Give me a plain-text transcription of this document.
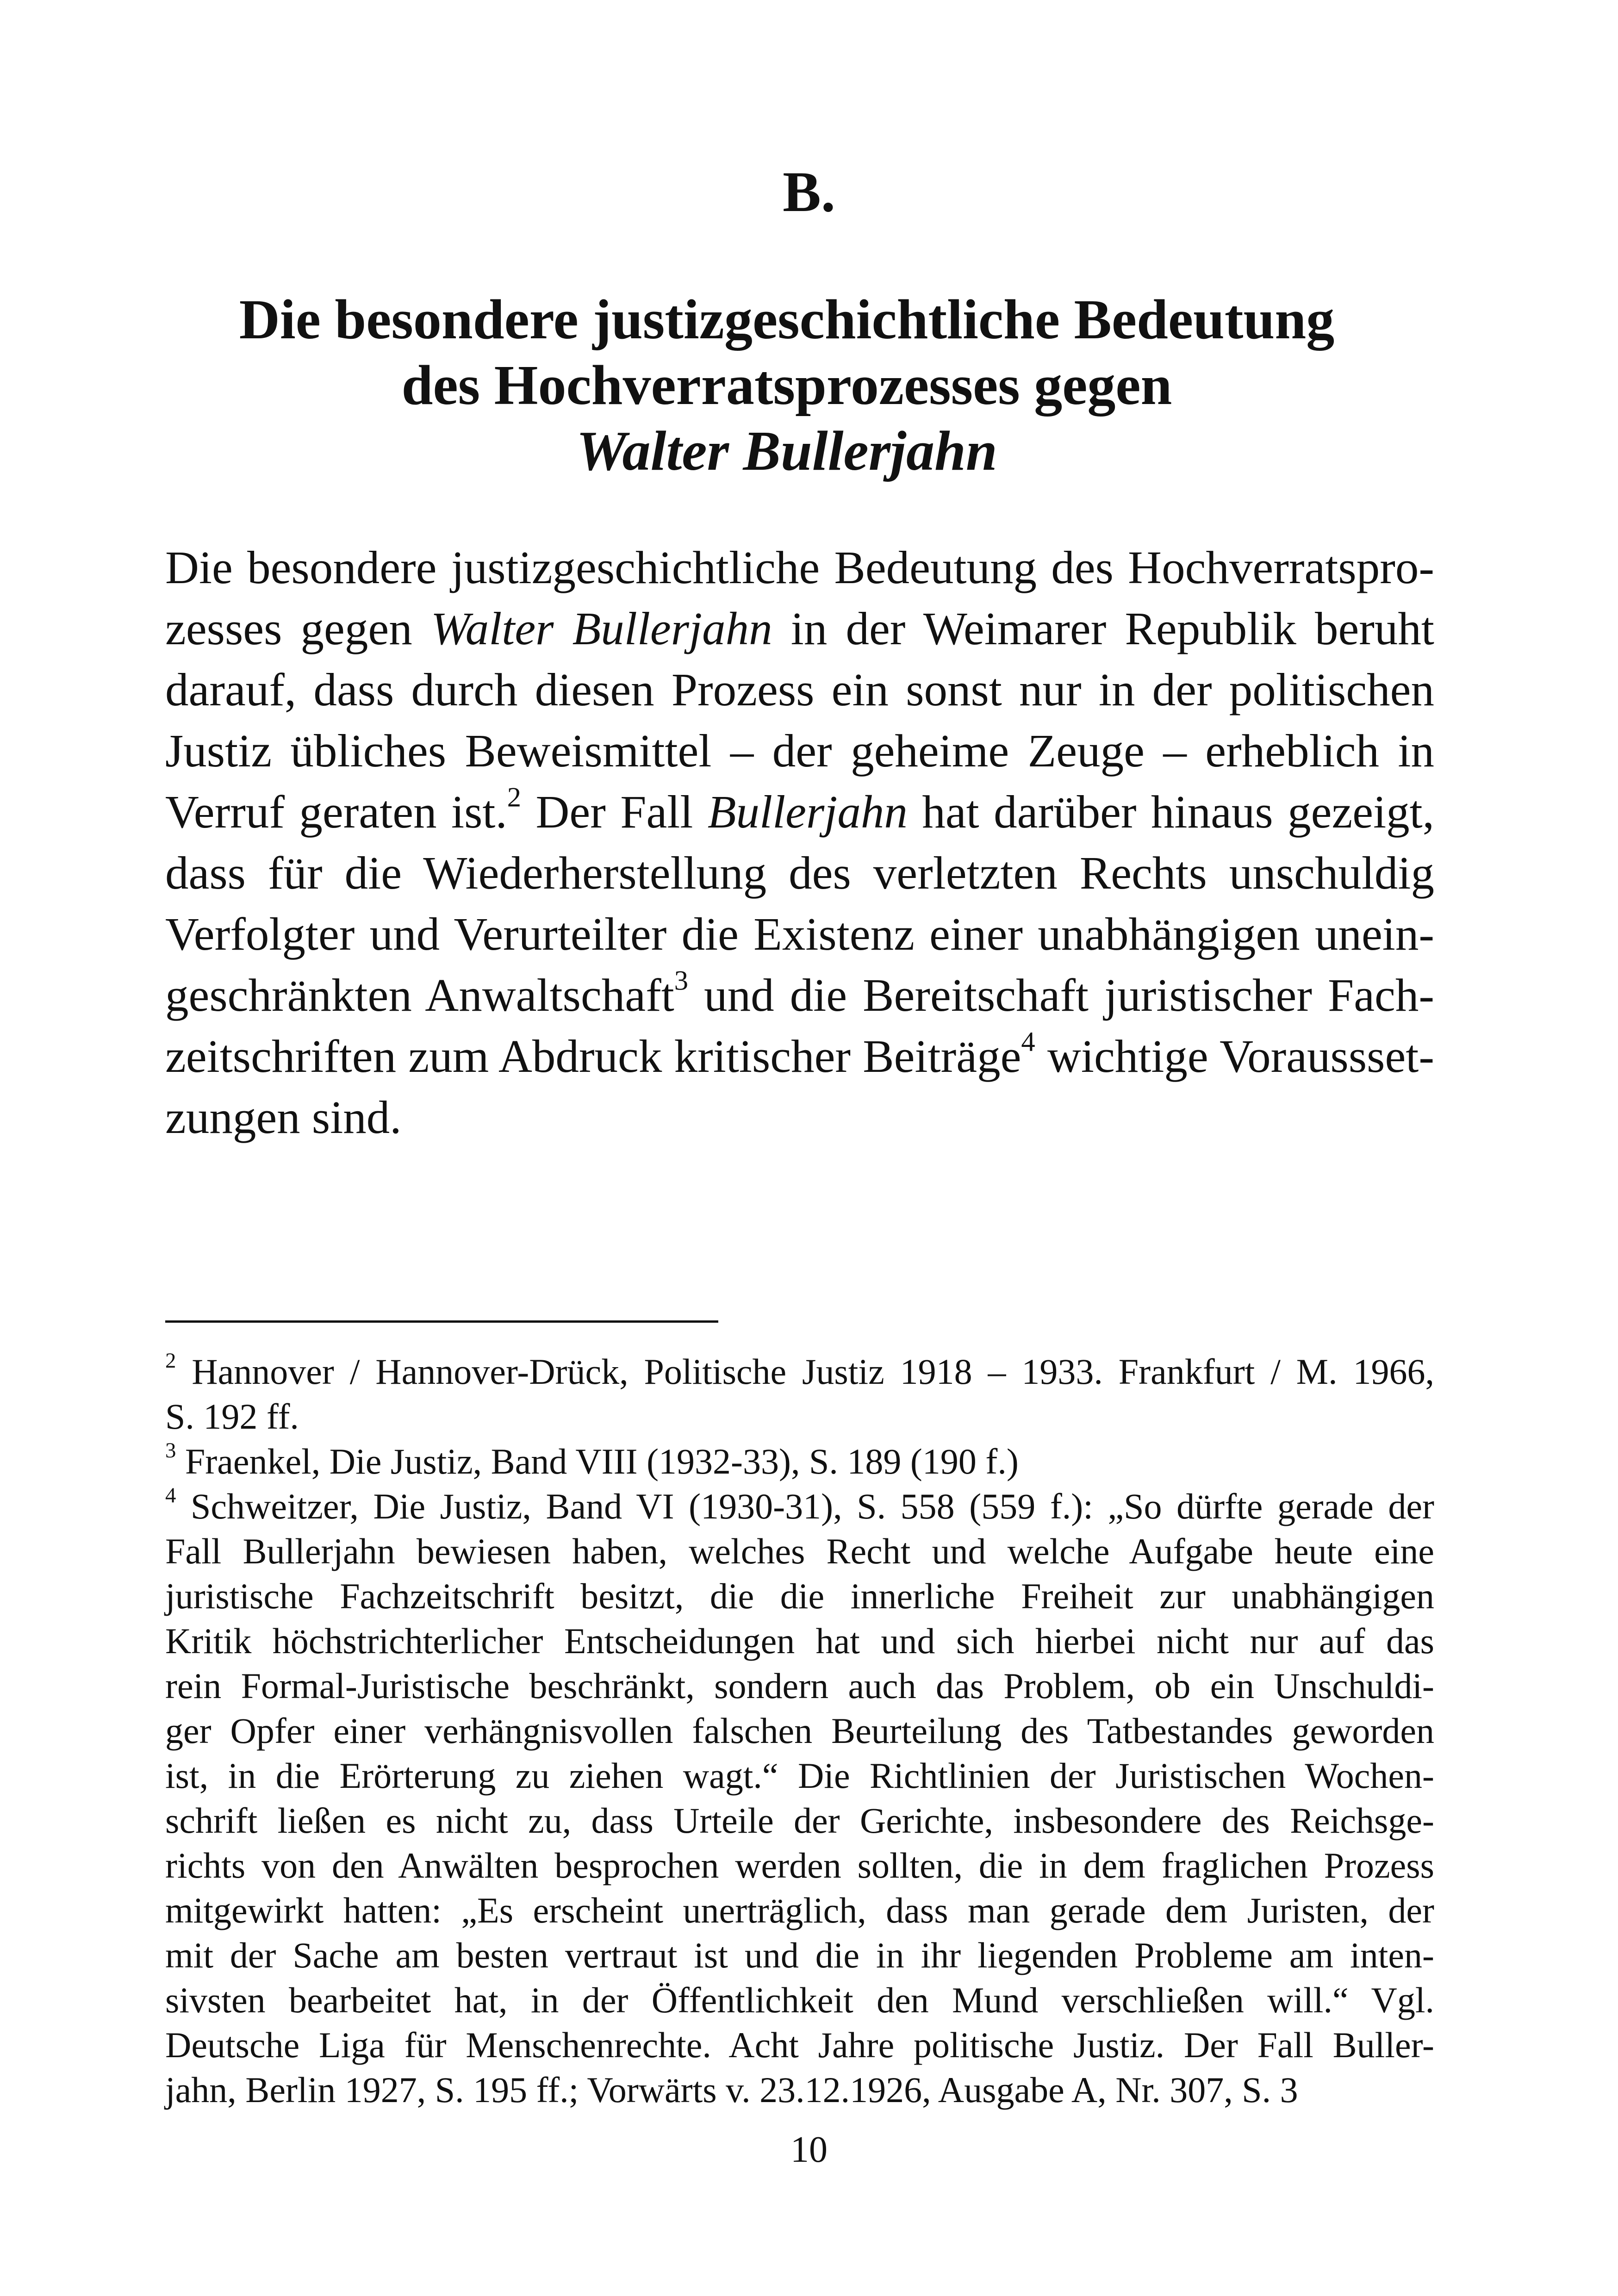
B.
Die besondere justizgeschichtliche Bedeutung
des Hochverratsprozesses gegen
Walter Bullerjahn
Die besondere justizgeschichtliche Bedeutung des Hochverratspro-
zesses gegen Walter Bullerjahn in der Weimarer Republik beruht
darauf, dass durch diesen Prozess ein sonst nur in der politischen
Justiz übliches Beweismittel – der geheime Zeuge – erheblich in
Verruf geraten ist.$^2$ Der Fall Bullerjahn hat darüber hinaus gezeigt,
dass für die Wiederherstellung des verletzten Rechts unschuldig
Verfolgter und Verurteilter die Existenz einer unabhängigen unein-
geschränkten Anwaltschaft$^3$ und die Bereitschaft juristischer Fach-
zeitschriften zum Abdruck kritischer Beiträge$^4$ wichtige Voraussset-
zungen sind.
$^2$ Hannover / Hannover-Drück, Politische Justiz 1918 – 1933. Frankfurt / M. 1966,
S. 192 ff.
$^3$ Fraenkel, Die Justiz, Band VIII (1932-33), S. 189 (190 f.)
$^4$ Schweitzer, Die Justiz, Band VI (1930-31), S. 558 (559 f.): „So dürfte gerade der
Fall Bullerjahn bewiesen haben, welches Recht und welche Aufgabe heute eine
juristische Fachzeitschrift besitzt, die die innerliche Freiheit zur unabhängigen
Kritik höchstrichterlicher Entscheidungen hat und sich hierbei nicht nur auf das
rein Formal-Juristische beschränkt, sondern auch das Problem, ob ein Unschuldi-
ger Opfer einer verhängnisvollen falschen Beurteilung des Tatbestandes geworden
ist, in die Erörterung zu ziehen wagt.“ Die Richtlinien der Juristischen Wochen-
schrift ließen es nicht zu, dass Urteile der Gerichte, insbesondere des Reichsge-
richts von den Anwälten besprochen werden sollten, die in dem fraglichen Prozess
mitgewirkt hatten: „Es erscheint unerträglich, dass man gerade dem Juristen, der
mit der Sache am besten vertraut ist und die in ihr liegenden Probleme am inten-
sivsten bearbeitet hat, in der Öffentlichkeit den Mund verschließen will.“ Vgl.
Deutsche Liga für Menschenrechte. Acht Jahre politische Justiz. Der Fall Buller-
jahn, Berlin 1927, S. 195 ff.; Vorwärts v. 23.12.1926, Ausgabe A, Nr. 307, S. 3
10
